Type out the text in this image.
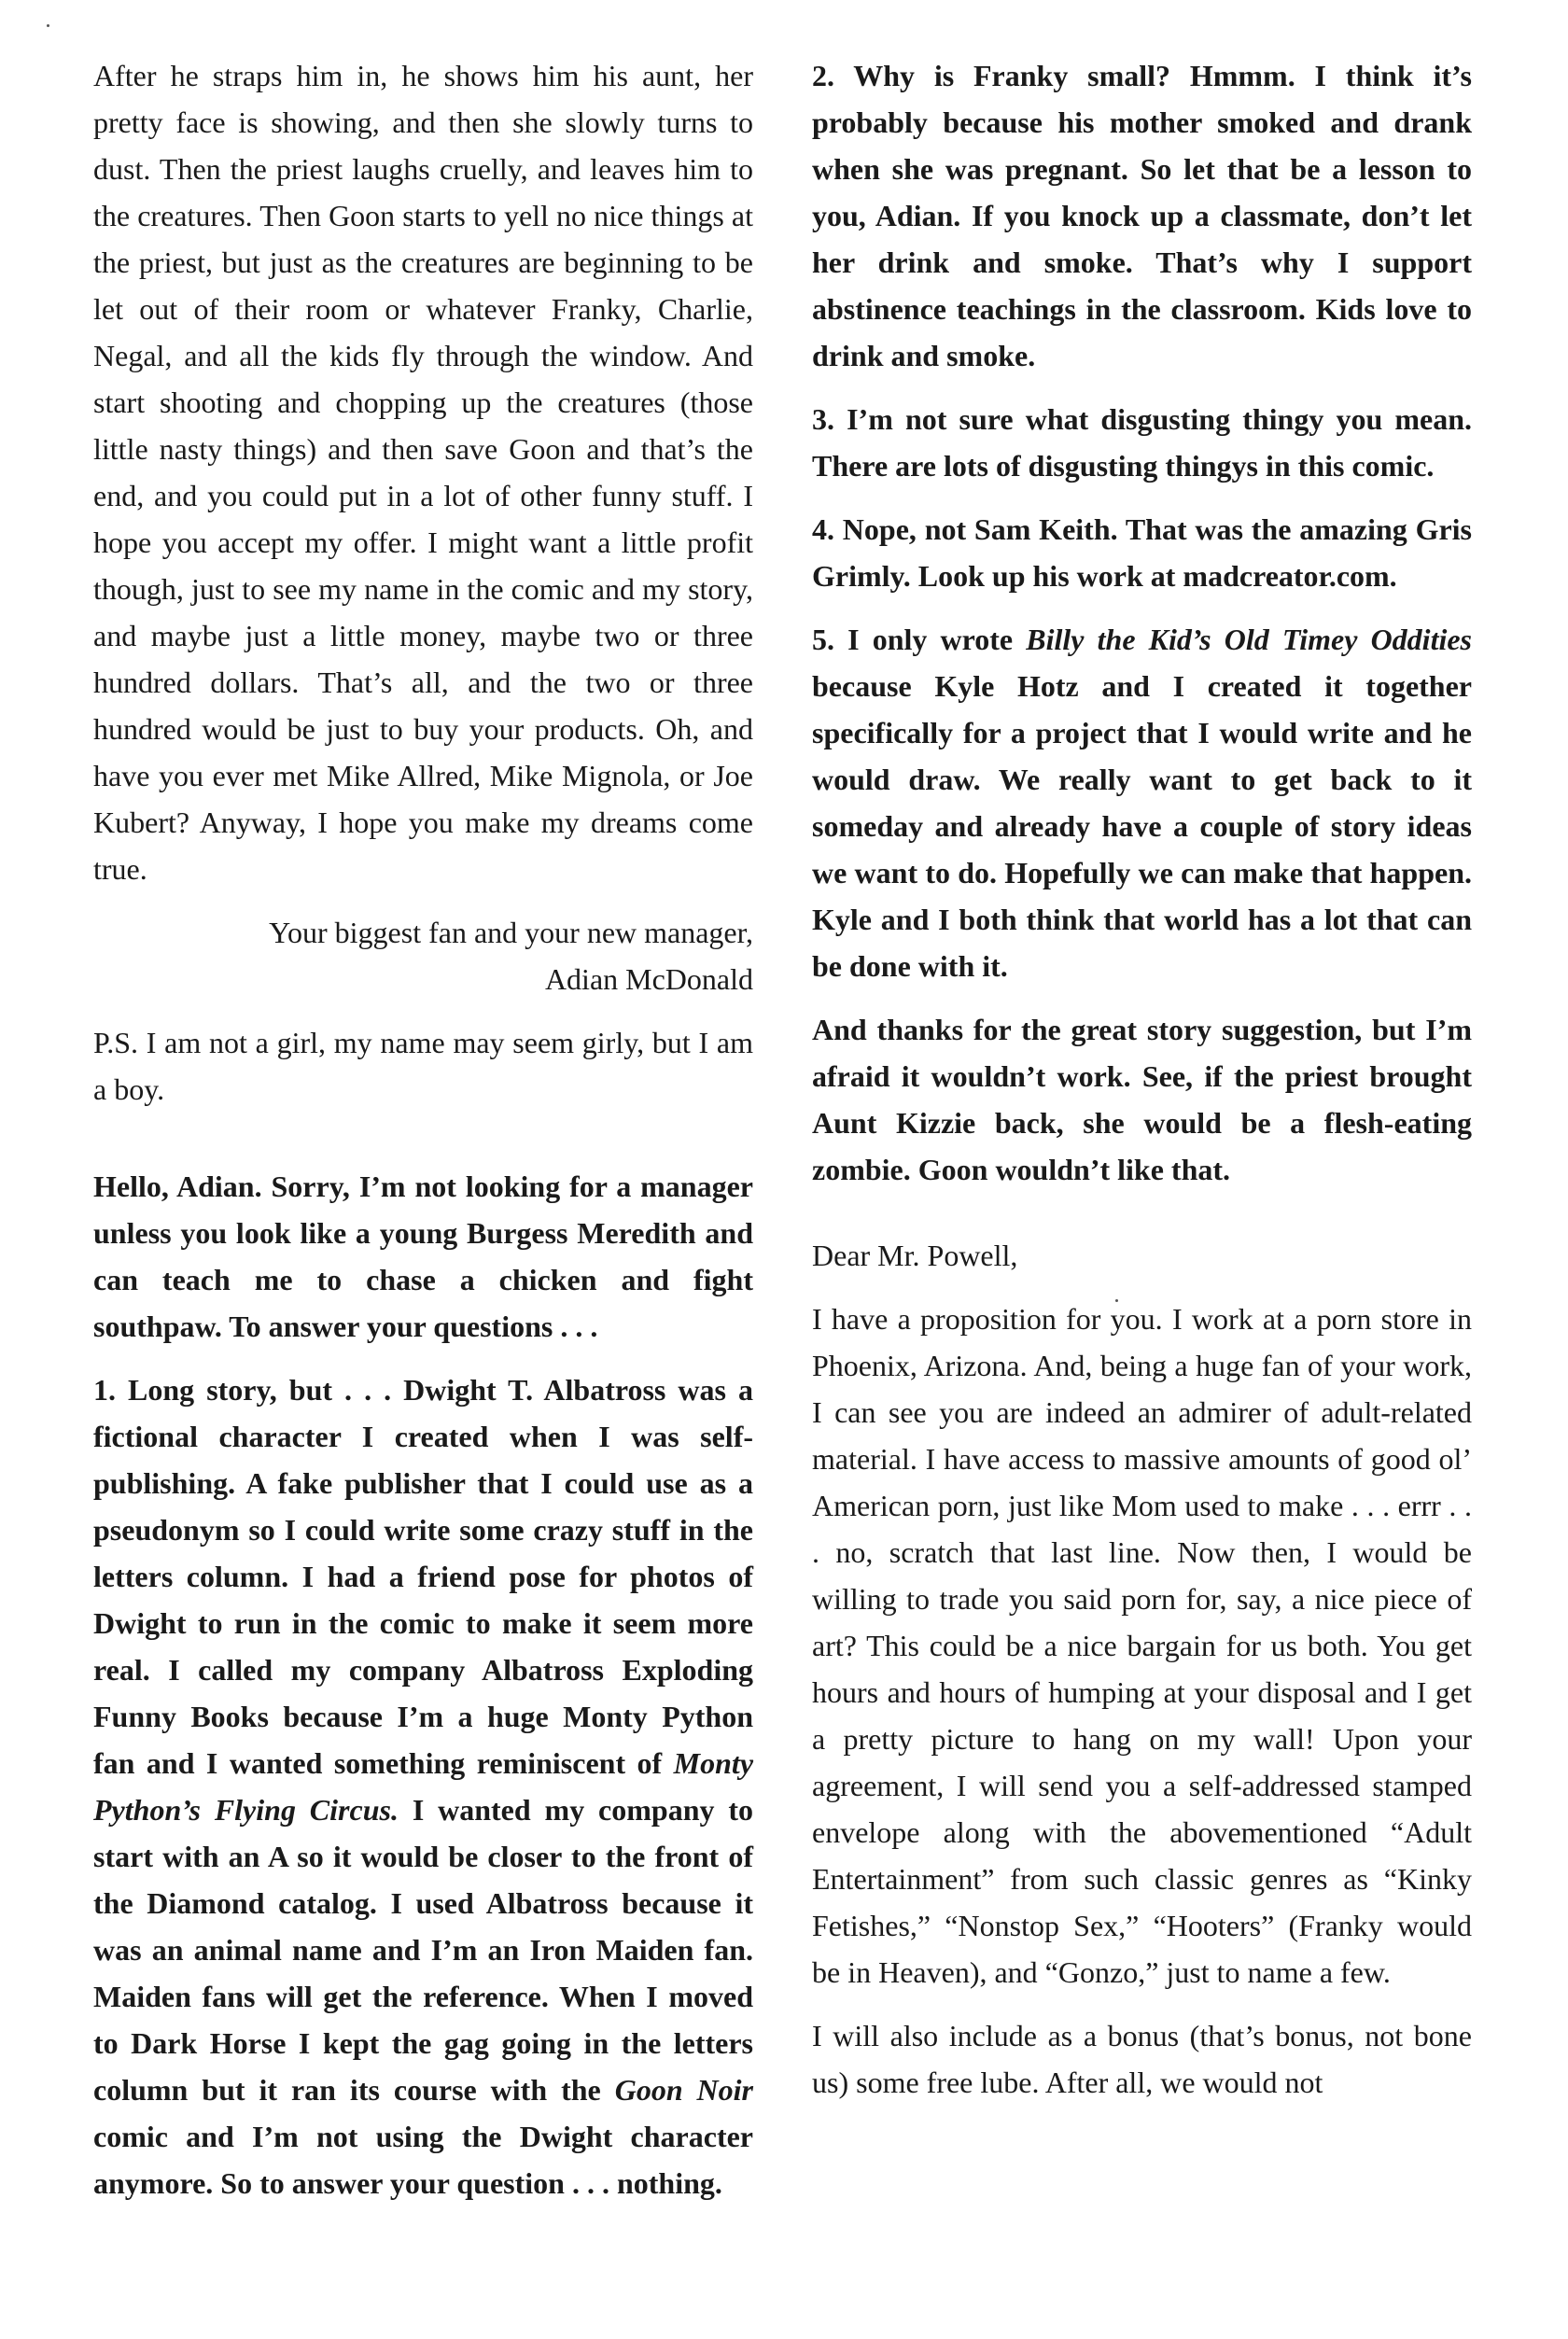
After he straps him in, he shows him his aunt, her pretty face is showing, and then she slowly turns to dust. Then the priest laughs cruelly, and leaves him to the creatures. Then Goon starts to yell no nice things at the priest, but just as the creatures are beginning to be let out of their room or whatever Franky, Charlie, Negal, and all the kids fly through the window. And start shooting and chopping up the creatures (those little nasty things) and then save Goon and that’s the end, and you could put in a lot of other funny stuff. I hope you accept my offer. I might want a little profit though, just to see my name in the comic and my story, and maybe just a little money, maybe two or three hundred dollars. That’s all, and the two or three hundred would be just to buy your products. Oh, and have you ever met Mike Allred, Mike Mignola, or Joe Kubert? Anyway, I hope you make my dreams come true.

Your biggest fan and your new manager,
Adian McDonald

P.S. I am not a girl, my name may seem girly, but I am a boy.

Hello, Adian. Sorry, I’m not looking for a manager unless you look like a young Burgess Meredith and can teach me to chase a chicken and fight southpaw. To answer your questions . . .

1. Long story, but . . . Dwight T. Albatross was a fictional character I created when I was self-publishing. A fake publisher that I could use as a pseudonym so I could write some crazy stuff in the letters column. I had a friend pose for photos of Dwight to run in the comic to make it seem more real. I called my company Albatross Exploding Funny Books because I’m a huge Monty Python fan and I wanted something reminiscent of Monty Python’s Flying Circus. I wanted my company to start with an A so it would be closer to the front of the Diamond catalog. I used Albatross because it was an animal name and I’m an Iron Maiden fan. Maiden fans will get the reference. When I moved to Dark Horse I kept the gag going in the letters column but it ran its course with the Goon Noir comic and I’m not using the Dwight character anymore. So to answer your question . . . nothing.

2. Why is Franky small? Hmmm. I think it’s probably because his mother smoked and drank when she was pregnant. So let that be a lesson to you, Adian. If you knock up a classmate, don’t let her drink and smoke. That’s why I support abstinence teachings in the classroom. Kids love to drink and smoke.

3. I’m not sure what disgusting thingy you mean. There are lots of disgusting thingys in this comic.

4. Nope, not Sam Keith. That was the amazing Gris Grimly. Look up his work at madcreator.com.

5. I only wrote Billy the Kid’s Old Timey Oddities because Kyle Hotz and I created it together specifically for a project that I would write and he would draw. We really want to get back to it someday and already have a couple of story ideas we want to do. Hopefully we can make that happen. Kyle and I both think that world has a lot that can be done with it.

And thanks for the great story suggestion, but I’m afraid it wouldn’t work. See, if the priest brought Aunt Kizzie back, she would be a flesh-eating zombie. Goon wouldn’t like that.

Dear Mr. Powell,

I have a proposition for you. I work at a porn store in Phoenix, Arizona. And, being a huge fan of your work, I can see you are indeed an admirer of adult-related material. I have access to massive amounts of good ol’ American porn, just like Mom used to make . . . errr . . . no, scratch that last line. Now then, I would be willing to trade you said porn for, say, a nice piece of art? This could be a nice bargain for us both. You get hours and hours of humping at your disposal and I get a pretty picture to hang on my wall! Upon your agreement, I will send you a self-addressed stamped envelope along with the abovementioned “Adult Entertainment” from such classic genres as “Kinky Fetishes,” “Nonstop Sex,” “Hooters” (Franky would be in Heaven), and “Gonzo,” just to name a few.

I will also include as a bonus (that’s bonus, not bone us) some free lube. After all, we would not
